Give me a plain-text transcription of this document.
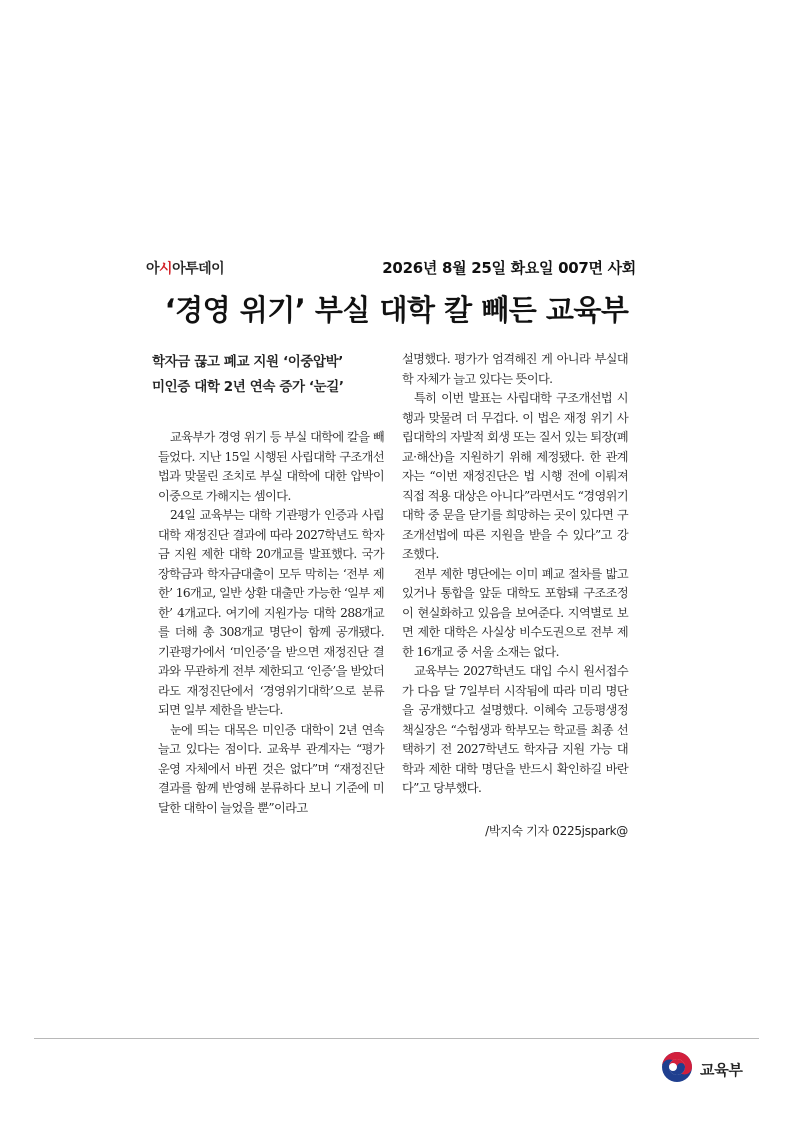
아시아투데이	2026년 8월 25일 화요일 007면 사회
‘경영 위기’ 부실 대학 칼 빼든 교육부
학자금 끊고 폐교 지원 ‘이중압박’
미인증 대학 2년 연속 증가 ‘눈길’

교육부가 경영 위기 등 부실 대학에 칼을 빼들었다. 지난 15일 시행된 사립대학 구조개선법과 맞물린 조치로 부실 대학에 대한 압박이 이중으로 가해지는 셈이다.

24일 교육부는 대학 기관평가 인증과 사립대학 재정진단 결과에 따라 2027학년도 학자금 지원 제한 대학 20개교를 발표했다. 국가장학금과 학자금대출이 모두 막히는 ‘전부 제한’ 16개교, 일반 상환 대출만 가능한 ‘일부 제한’ 4개교다. 여기에 지원가능 대학 288개교를 더해 총 308개교 명단이 함께 공개됐다. 기관평가에서 ‘미인증’을 받으면 재정진단 결과와 무관하게 전부 제한되고 ‘인증’을 받았더라도 재정진단에서 ‘경영위기대학’으로 분류되면 일부 제한을 받는다.

눈에 띄는 대목은 미인증 대학이 2년 연속 늘고 있다는 점이다. 교육부 관계자는 “평가 운영 자체에서 바뀐 것은 없다”며 “재정진단 결과를 함께 반영해 분류하다 보니 기준에 미달한 대학이 늘었을 뿐”이라고

설명했다. 평가가 엄격해진 게 아니라 부실대학 자체가 늘고 있다는 뜻이다.

특히 이번 발표는 사립대학 구조개선법 시행과 맞물려 더 무겁다. 이 법은 재정 위기 사립대학의 자발적 회생 또는 질서 있는 퇴장(폐교·해산)을 지원하기 위해 제정됐다. 한 관계자는 “이번 재정진단은 법 시행 전에 이뤄져 직접 적용 대상은 아니다”라면서도 “경영위기대학 중 문을 닫기를 희망하는 곳이 있다면 구조개선법에 따른 지원을 받을 수 있다”고 강조했다.

전부 제한 명단에는 이미 폐교 절차를 밟고 있거나 통합을 앞둔 대학도 포함돼 구조조정이 현실화하고 있음을 보여준다. 지역별로 보면 제한 대학은 사실상 비수도권으로 전부 제한 16개교 중 서울 소재는 없다.

교육부는 2027학년도 대입 수시 원서접수가 다음 달 7일부터 시작됨에 따라 미리 명단을 공개했다고 설명했다. 이혜숙 고등평생정책실장은 “수험생과 학부모는 학교를 최종 선택하기 전 2027학년도 학자금 지원 가능 대학과 제한 대학 명단을 반드시 확인하길 바란다”고 당부했다.

/박지숙 기자 0225jspark@
교육부
